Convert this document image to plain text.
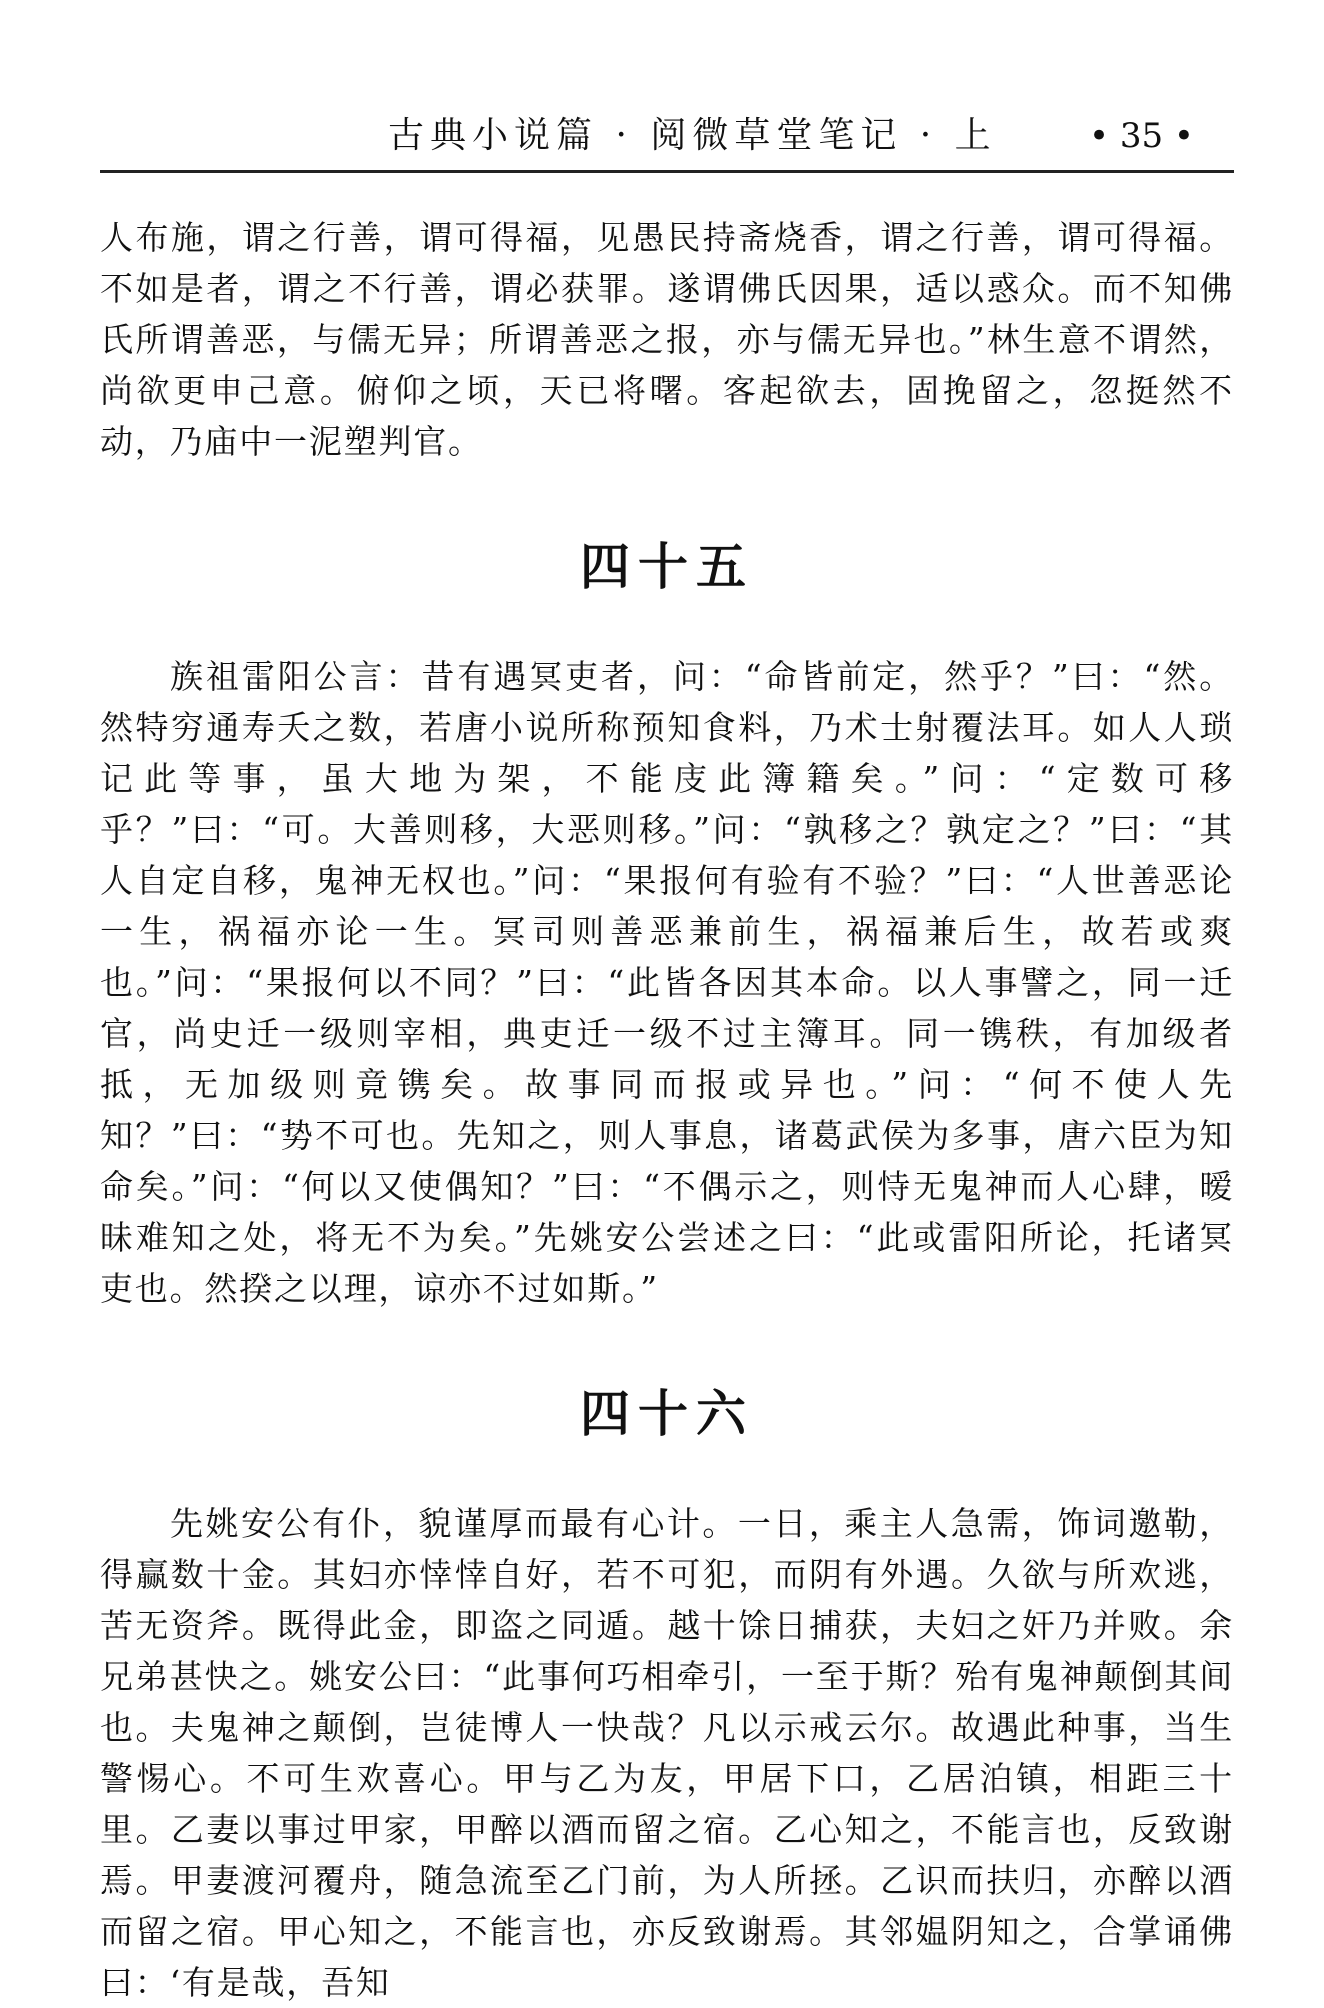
古典小说篇 · 阅微草堂笔记 · 上	• 35 •

人布施，谓之行善，谓可得福，见愚民持斋烧香，谓之行善，谓可得福。不如是者，谓之不行善，谓必获罪。遂谓佛氏因果，适以惑众。而不知佛氏所谓善恶，与儒无异；所谓善恶之报，亦与儒无异也。”林生意不谓然，尚欲更申己意。俯仰之顷，天已将曙。客起欲去，固挽留之，忽挺然不动，乃庙中一泥塑判官。

四十五

族祖雷阳公言：昔有遇冥吏者，问：“命皆前定，然乎？”曰：“然。然特穷通寿夭之数，若唐小说所称预知食料，乃术士射覆法耳。如人人琐记此等事，虽大地为架，不能庋此簿籍矣。”问：“定数可移乎？”曰：“可。大善则移，大恶则移。”问：“孰移之？孰定之？”曰：“其人自定自移，鬼神无权也。”问：“果报何有验有不验？”曰：“人世善恶论一生，祸福亦论一生。冥司则善恶兼前生，祸福兼后生，故若或爽也。”问：“果报何以不同？”曰：“此皆各因其本命。以人事譬之，同一迁官，尚史迁一级则宰相，典吏迁一级不过主簿耳。同一镌秩，有加级者抵，无加级则竟镌矣。故事同而报或异也。”问：“何不使人先知？”曰：“势不可也。先知之，则人事息，诸葛武侯为多事，唐六臣为知命矣。”问：“何以又使偶知？”曰：“不偶示之，则恃无鬼神而人心肆，暧昧难知之处，将无不为矣。”先姚安公尝述之曰：“此或雷阳所论，托诸冥吏也。然揆之以理，谅亦不过如斯。”

四十六

先姚安公有仆，貌谨厚而最有心计。一日，乘主人急需，饰词邀勒，得赢数十金。其妇亦悻悻自好，若不可犯，而阴有外遇。久欲与所欢逃，苦无资斧。既得此金，即盗之同遁。越十馀日捕获，夫妇之奸乃并败。余兄弟甚快之。姚安公曰：“此事何巧相牵引，一至于斯？殆有鬼神颠倒其间也。夫鬼神之颠倒，岂徒博人一快哉？凡以示戒云尔。故遇此种事，当生警惕心。不可生欢喜心。甲与乙为友，甲居下口，乙居泊镇，相距三十里。乙妻以事过甲家，甲醉以酒而留之宿。乙心知之，不能言也，反致谢焉。甲妻渡河覆舟，随急流至乙门前，为人所拯。乙识而扶归，亦醉以酒而留之宿。甲心知之，不能言也，亦反致谢焉。其邻媪阴知之，合掌诵佛曰：‘有是哉，吾知
